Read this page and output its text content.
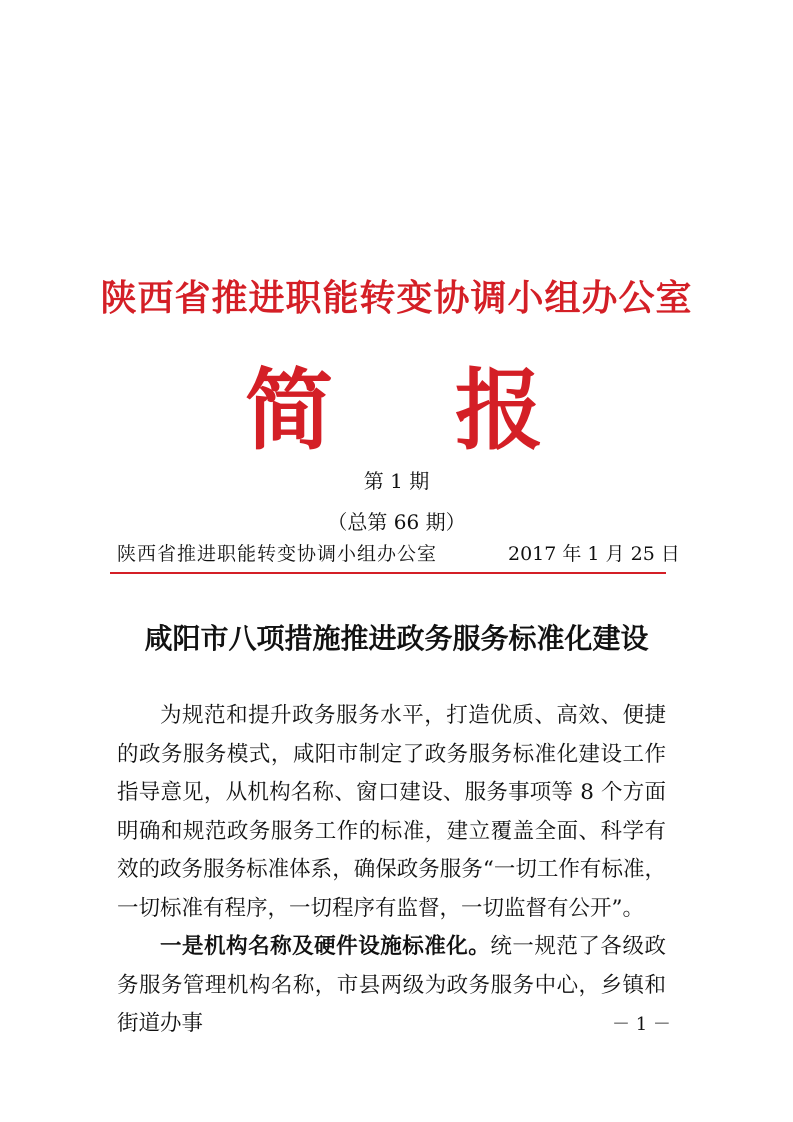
陕西省推进职能转变协调小组办公室
简 报
第 1 期
（总第 66 期）
陕西省推进职能转变协调小组办公室	2017 年 1 月 25 日
咸阳市八项措施推进政务服务标准化建设

为规范和提升政务服务水平，打造优质、高效、便捷的政务服务模式，咸阳市制定了政务服务标准化建设工作指导意见，从机构名称、窗口建设、服务事项等 8 个方面明确和规范政务服务工作的标准，建立覆盖全面、科学有效的政务服务标准体系，确保政务服务“一切工作有标准，一切标准有程序，一切程序有监督，一切监督有公开”。

一是机构名称及硬件设施标准化。统一规范了各级政务服务管理机构名称，市县两级为政务服务中心，乡镇和街道办事	－ 1 －
